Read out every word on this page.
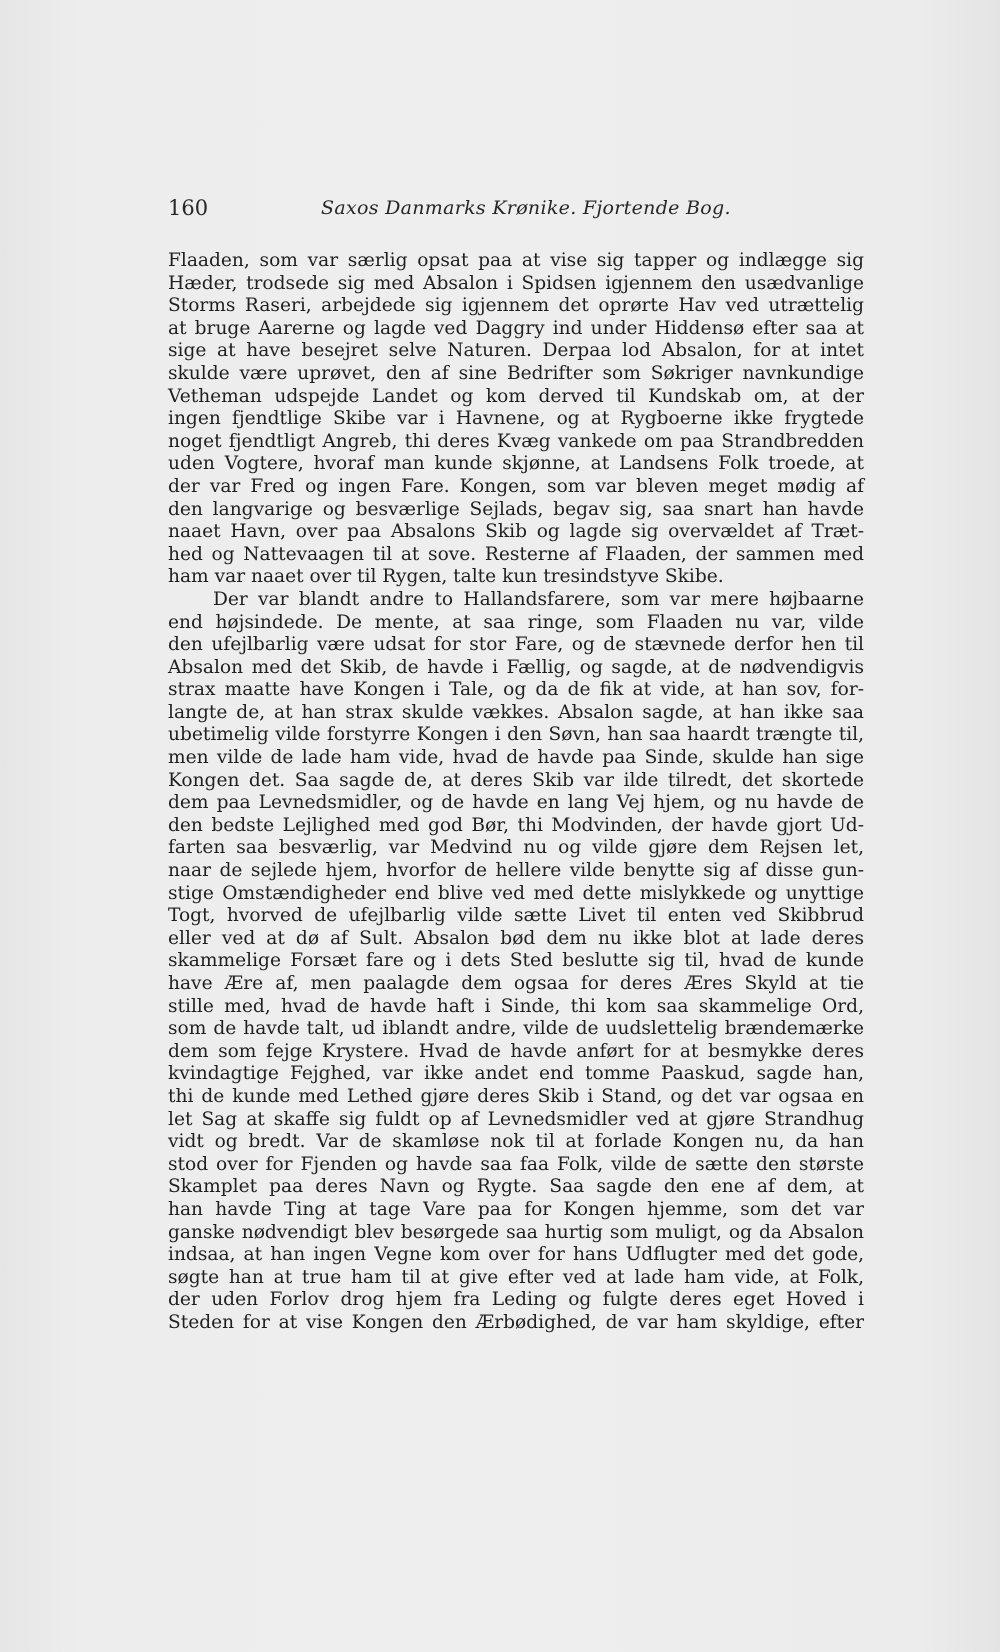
160	Saxos Danmarks Krønike. Fjortende Bog.
Flaaden, som var særlig opsat paa at vise sig tapper og indlægge sig
Hæder, trodsede sig med Absalon i Spidsen igjennem den usædvanlige
Storms Raseri, arbejdede sig igjennem det oprørte Hav ved utrættelig
at bruge Aarerne og lagde ved Daggry ind under Hiddensø efter saa at
sige at have besejret selve Naturen. Derpaa lod Absalon, for at intet
skulde være uprøvet, den af sine Bedrifter som Søkriger navnkundige
Vetheman udspejde Landet og kom derved til Kundskab om, at der
ingen fjendtlige Skibe var i Havnene, og at Rygboerne ikke frygtede
noget fjendtligt Angreb, thi deres Kvæg vankede om paa Strandbredden
uden Vogtere, hvoraf man kunde skjønne, at Landsens Folk troede, at
der var Fred og ingen Fare. Kongen, som var bleven meget mødig af
den langvarige og besværlige Sejlads, begav sig, saa snart han havde
naaet Havn, over paa Absalons Skib og lagde sig overvældet af Træt-
hed og Nattevaagen til at sove. Resterne af Flaaden, der sammen med
ham var naaet over til Rygen, talte kun tresindstyve Skibe.
Der var blandt andre to Hallandsfarere, som var mere højbaarne
end højsindede. De mente, at saa ringe, som Flaaden nu var, vilde
den ufejlbarlig være udsat for stor Fare, og de stævnede derfor hen til
Absalon med det Skib, de havde i Fællig, og sagde, at de nødvendigvis
strax maatte have Kongen i Tale, og da de fik at vide, at han sov, for-
langte de, at han strax skulde vækkes. Absalon sagde, at han ikke saa
ubetimelig vilde forstyrre Kongen i den Søvn, han saa haardt trængte til,
men vilde de lade ham vide, hvad de havde paa Sinde, skulde han sige
Kongen det. Saa sagde de, at deres Skib var ilde tilredt, det skortede
dem paa Levnedsmidler, og de havde en lang Vej hjem, og nu havde de
den bedste Lejlighed med god Bør, thi Modvinden, der havde gjort Ud-
farten saa besværlig, var Medvind nu og vilde gjøre dem Rejsen let,
naar de sejlede hjem, hvorfor de hellere vilde benytte sig af disse gun-
stige Omstændigheder end blive ved med dette mislykkede og unyttige
Togt, hvorved de ufejlbarlig vilde sætte Livet til enten ved Skibbrud
eller ved at dø af Sult. Absalon bød dem nu ikke blot at lade deres
skammelige Forsæt fare og i dets Sted beslutte sig til, hvad de kunde
have Ære af, men paalagde dem ogsaa for deres Æres Skyld at tie
stille med, hvad de havde haft i Sinde, thi kom saa skammelige Ord,
som de havde talt, ud iblandt andre, vilde de uudslettelig brændemærke
dem som fejge Krystere. Hvad de havde anført for at besmykke deres
kvindagtige Fejghed, var ikke andet end tomme Paaskud, sagde han,
thi de kunde med Lethed gjøre deres Skib i Stand, og det var ogsaa en
let Sag at skaffe sig fuldt op af Levnedsmidler ved at gjøre Strandhug
vidt og bredt. Var de skamløse nok til at forlade Kongen nu, da han
stod over for Fjenden og havde saa faa Folk, vilde de sætte den største
Skamplet paa deres Navn og Rygte. Saa sagde den ene af dem, at
han havde Ting at tage Vare paa for Kongen hjemme, som det var
ganske nødvendigt blev besørgede saa hurtig som muligt, og da Absalon
indsaa, at han ingen Vegne kom over for hans Udflugter med det gode,
søgte han at true ham til at give efter ved at lade ham vide, at Folk,
der uden Forlov drog hjem fra Leding og fulgte deres eget Hoved i
Steden for at vise Kongen den Ærbødighed, de var ham skyldige, efter
